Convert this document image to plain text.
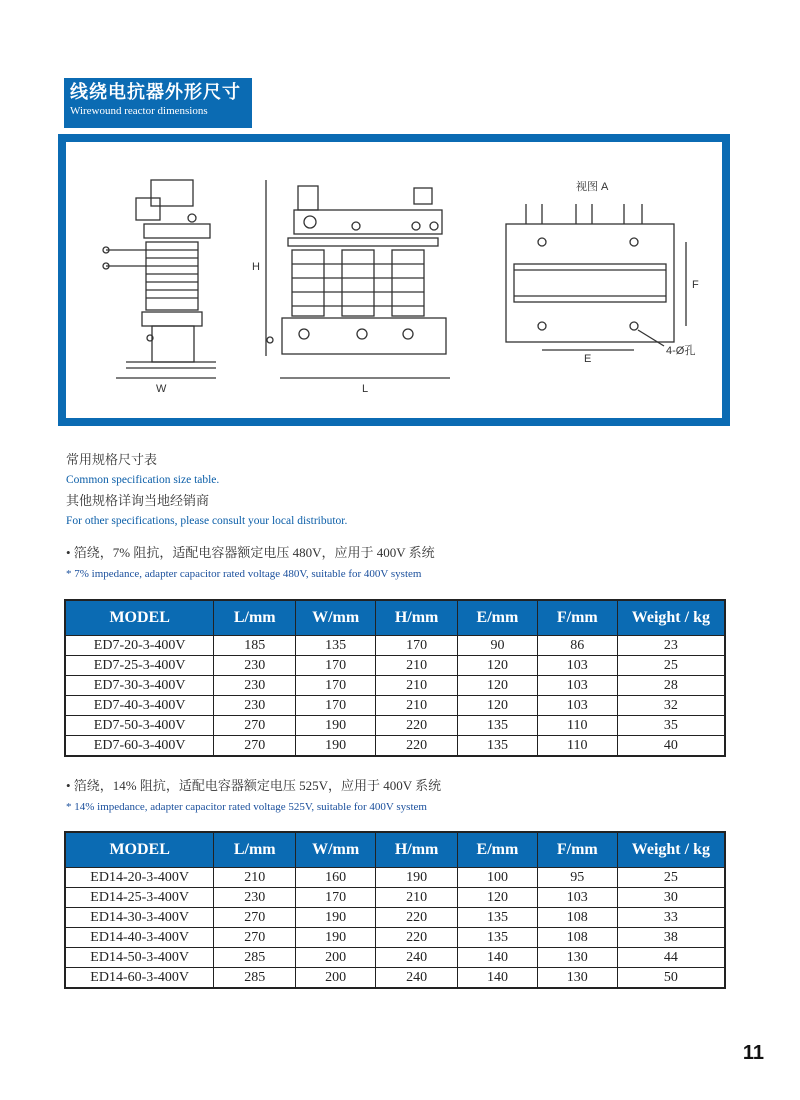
线绕电抗器外形尺寸
Wirewound reactor dimensions
W
H
L
视图 A
E
F
4-Ø孔
常用规格尺寸表
Common specification size table.
其他规格详询当地经销商
For other specifications, please consult your local distributor.
• 箔绕，7% 阻抗，适配电容器额定电压 480V，应用于 400V 系统
* 7% impedance, adapter capacitor rated voltage 480V, suitable for 400V system
MODEL	L/mm	W/mm	H/mm	E/mm	F/mm	Weight / kg
ED7-20-3-400V	185	135	170	90	86	23
ED7-25-3-400V	230	170	210	120	103	25
ED7-30-3-400V	230	170	210	120	103	28
ED7-40-3-400V	230	170	210	120	103	32
ED7-50-3-400V	270	190	220	135	110	35
ED7-60-3-400V	270	190	220	135	110	40
• 箔绕，14% 阻抗，适配电容器额定电压 525V，应用于 400V 系统
* 14% impedance, adapter capacitor rated voltage 525V, suitable for 400V system
MODEL	L/mm	W/mm	H/mm	E/mm	F/mm	Weight / kg
ED14-20-3-400V	210	160	190	100	95	25
ED14-25-3-400V	230	170	210	120	103	30
ED14-30-3-400V	270	190	220	135	108	33
ED14-40-3-400V	270	190	220	135	108	38
ED14-50-3-400V	285	200	240	140	130	44
ED14-60-3-400V	285	200	240	140	130	50
11
